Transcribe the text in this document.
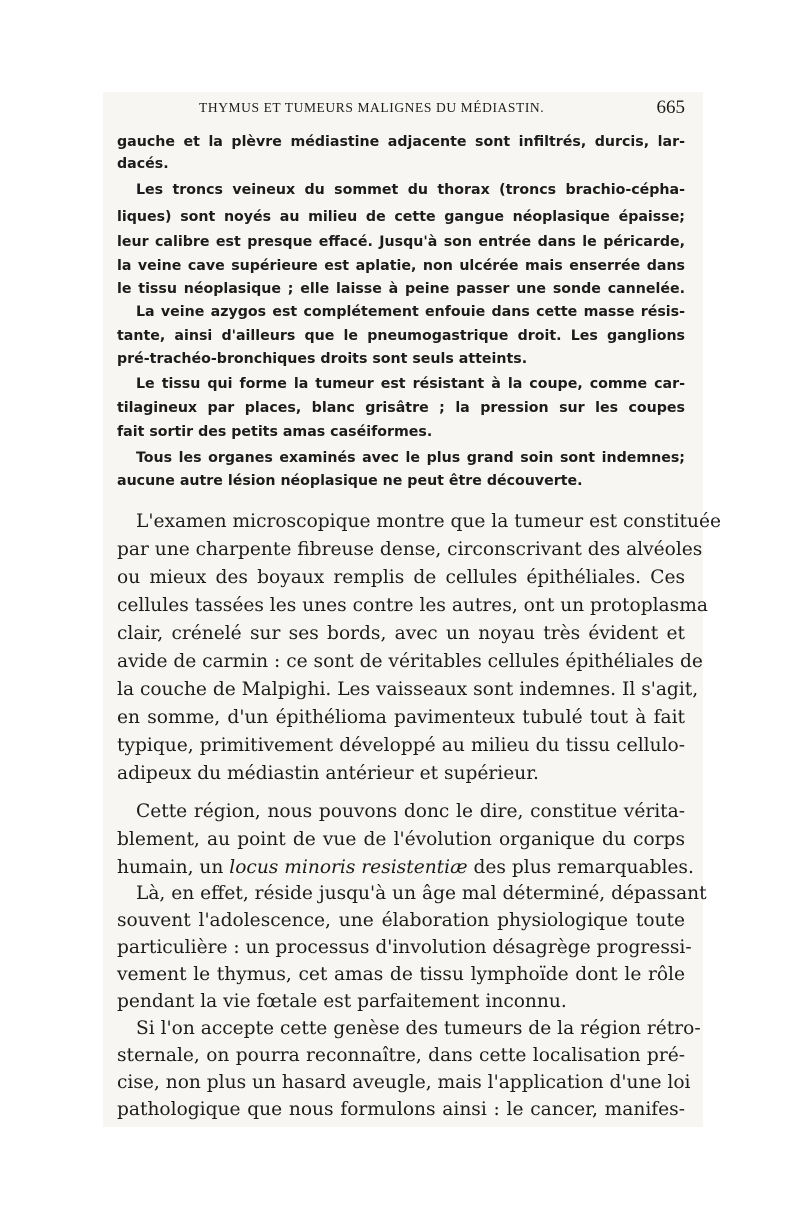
THYMUS ET TUMEURS MALIGNES DU MÉDIASTIN.	665
gauche et la plèvre médiastine adjacente sont infiltrés, durcis, lar-
dacés.
Les troncs veineux du sommet du thorax (troncs brachio-cépha-
liques) sont noyés au milieu de cette gangue néoplasique épaisse;
leur calibre est presque effacé. Jusqu'à son entrée dans le péricarde,
la veine cave supérieure est aplatie, non ulcérée mais enserrée dans
le tissu néoplasique ; elle laisse à peine passer une sonde cannelée.
La veine azygos est complétement enfouie dans cette masse résis-
tante, ainsi d'ailleurs que le pneumogastrique droit. Les ganglions
pré-trachéo-bronchiques droits sont seuls atteints.
Le tissu qui forme la tumeur est résistant à la coupe, comme car-
tilagineux par places, blanc grisâtre ; la pression sur les coupes
fait sortir des petits amas caséiformes.
Tous les organes examinés avec le plus grand soin sont indemnes;
aucune autre lésion néoplasique ne peut être découverte.
L'examen microscopique montre que la tumeur est constituée
par une charpente fibreuse dense, circonscrivant des alvéoles
ou mieux des boyaux remplis de cellules épithéliales. Ces
cellules tassées les unes contre les autres, ont un protoplasma
clair, crénelé sur ses bords, avec un noyau très évident et
avide de carmin : ce sont de véritables cellules épithéliales de
la couche de Malpighi. Les vaisseaux sont indemnes. Il s'agit,
en somme, d'un épithélioma pavimenteux tubulé tout à fait
typique, primitivement développé au milieu du tissu cellulo-
adipeux du médiastin antérieur et supérieur.
Cette région, nous pouvons donc le dire, constitue vérita-
blement, au point de vue de l'évolution organique du corps
humain, un locus minoris resistentiæ des plus remarquables.
Là, en effet, réside jusqu'à un âge mal déterminé, dépassant
souvent l'adolescence, une élaboration physiologique toute
particulière : un processus d'involution désagrège progressi-
vement le thymus, cet amas de tissu lymphoïde dont le rôle
pendant la vie fœtale est parfaitement inconnu.
Si l'on accepte cette genèse des tumeurs de la région rétro-
sternale, on pourra reconnaître, dans cette localisation pré-
cise, non plus un hasard aveugle, mais l'application d'une loi
pathologique que nous formulons ainsi : le cancer, manifes-
